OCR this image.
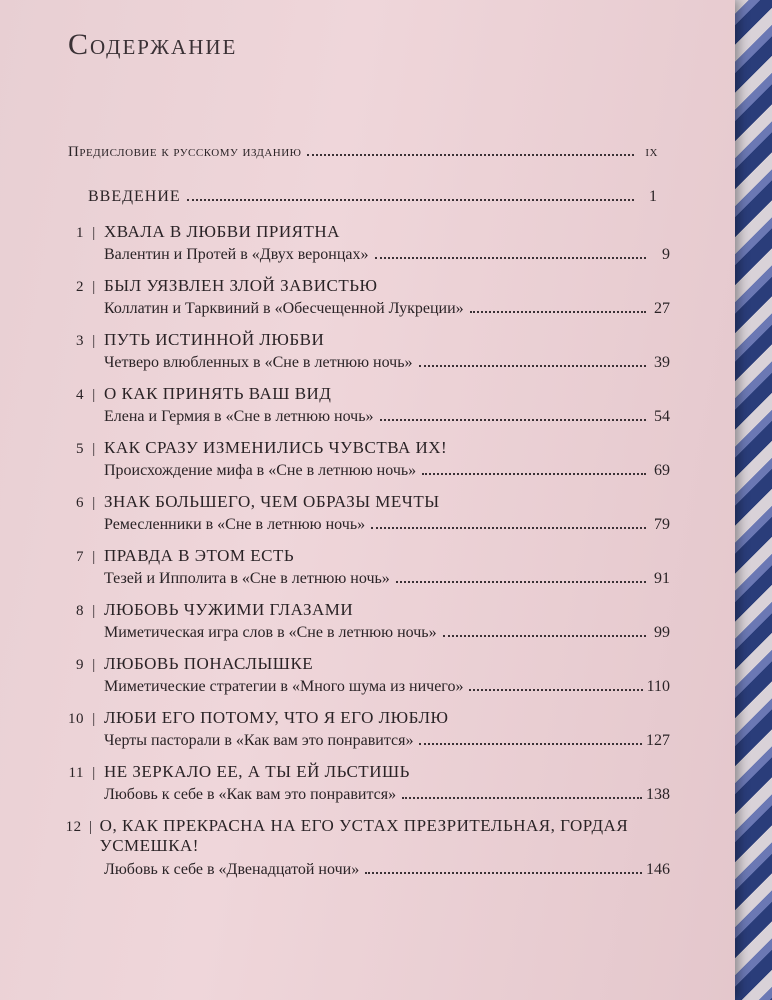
Содержание
Предисловие к русскому изданию	ix
ВВЕДЕНИЕ	1
1 | ХВАЛА В ЛЮБВИ ПРИЯТНА
Валентин и Протей в «Двух веронцах»	9
2 | БЫЛ УЯЗВЛЕН ЗЛОЙ ЗАВИСТЬЮ
Коллатин и Тарквиний в «Обесчещенной Лукреции»	27
3 | ПУТЬ ИСТИННОЙ ЛЮБВИ
Четверо влюбленных в «Сне в летнюю ночь»	39
4 | О КАК ПРИНЯТЬ ВАШ ВИД
Елена и Гермия в «Сне в летнюю ночь»	54
5 | КАК СРАЗУ ИЗМЕНИЛИСЬ ЧУВСТВА ИХ!
Происхождение мифа в «Сне в летнюю ночь»	69
6 | ЗНАК БОЛЬШЕГО, ЧЕМ ОБРАЗЫ МЕЧТЫ
Ремесленники в «Сне в летнюю ночь»	79
7 | ПРАВДА В ЭТОМ ЕСТЬ
Тезей и Ипполита в «Сне в летнюю ночь»	91
8 | ЛЮБОВЬ ЧУЖИМИ ГЛАЗАМИ
Миметическая игра слов в «Сне в летнюю ночь»	99
9 | ЛЮБОВЬ ПОНАСЛЫШКЕ
Миметические стратегии в «Много шума из ничего»	110
10 | ЛЮБИ ЕГО ПОТОМУ, ЧТО Я ЕГО ЛЮБЛЮ
Черты пасторали в «Как вам это понравится»	127
11 | НЕ ЗЕРКАЛО ЕЕ, А ТЫ ЕЙ ЛЬСТИШЬ
Любовь к себе в «Как вам это понравится»	138
12 | О, КАК ПРЕКРАСНА НА ЕГО УСТАХ ПРЕЗРИТЕЛЬНАЯ, ГОРДАЯ УСМЕШКА!
Любовь к себе в «Двенадцатой ночи»	146
